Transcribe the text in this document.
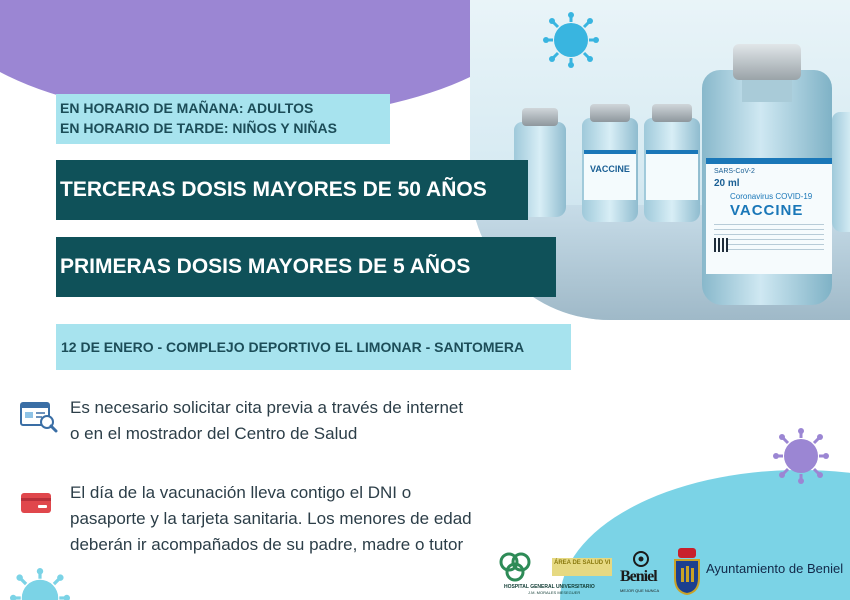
VACCINE	SARS-CoV-2
20 ml
Coronavirus COVID-19
VACCINE
EN HORARIO DE MAÑANA: ADULTOS
EN HORARIO DE TARDE: NIÑOS Y NIÑAS
TERCERAS DOSIS MAYORES DE 50 AÑOS
PRIMERAS DOSIS MAYORES DE 5 AÑOS
12 DE ENERO - COMPLEJO DEPORTIVO EL LIMONAR - SANTOMERA
Es necesario solicitar cita previa a través de internet
o en el mostrador del Centro de Salud
El día de la vacunación lleva contigo el DNI o
pasaporte y la tarjeta sanitaria. Los menores de edad
deberán ir acompañados de su padre, madre o tutor
HOSPITAL GENERAL UNIVERSITARIO
J.M. MORALES MESEGUER
ÁREA DE SALUD VI
Beniel
MEJOR QUE NUNCA
Ayuntamiento de Beniel
